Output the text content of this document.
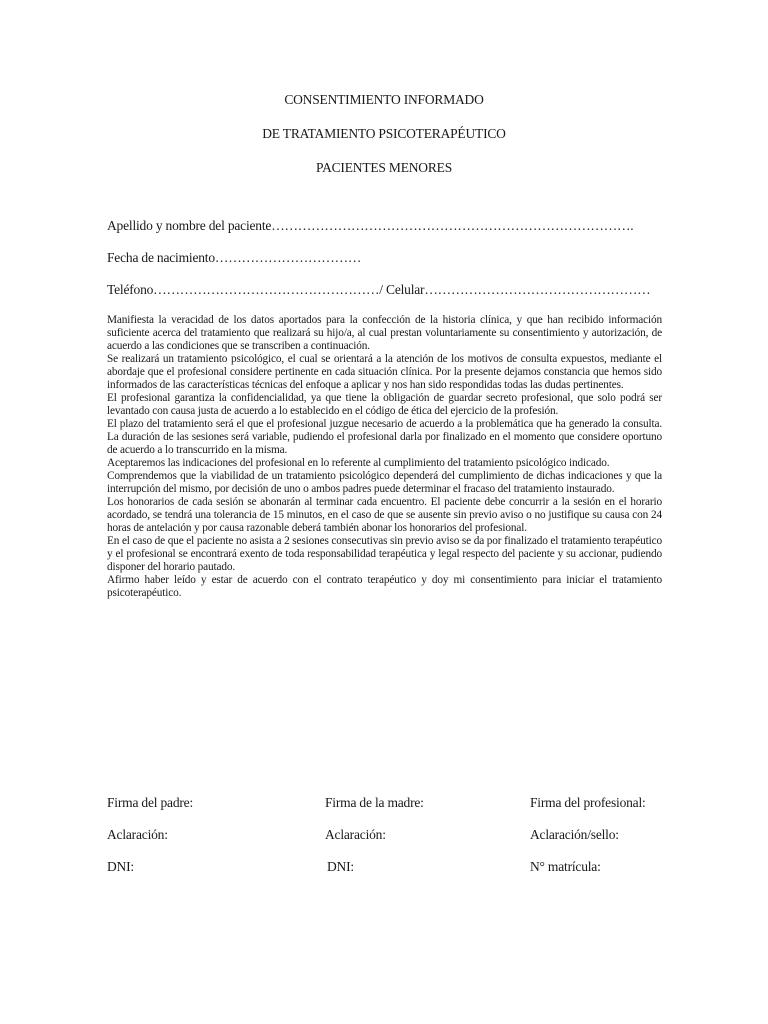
CONSENTIMIENTO INFORMADO
DE TRATAMIENTO PSICOTERAPÉUTICO
PACIENTES MENORES
Apellido y nombre del paciente……………………………………………………………………….
Fecha de nacimiento……………………………
Teléfono……………………………………………/ Celular……………………………………………

Manifiesta la veracidad de los datos aportados para la confección de la historia clínica, y que han recibido información suficiente acerca del tratamiento que realizará su hijo/a, al cual prestan voluntariamente su consentimiento y autorización, de acuerdo a las condiciones que se transcriben a continuación.

Se realizará un tratamiento psicológico, el cual se orientará a la atención de los motivos de consulta expuestos, mediante el abordaje que el profesional considere pertinente en cada situación clínica. Por la presente dejamos constancia que hemos sido informados de las características técnicas del enfoque a aplicar y nos han sido respondidas todas las dudas pertinentes.

El profesional garantiza la confidencialidad, ya que tiene la obligación de guardar secreto profesional, que solo podrá ser levantado con causa justa de acuerdo a lo establecido en el código de ética del ejercicio de la profesión.

El plazo del tratamiento será el que el profesional juzgue necesario de acuerdo a la problemática que ha generado la consulta. La duración de las sesiones será variable, pudiendo el profesional darla por finalizado en el momento que considere oportuno de acuerdo a lo transcurrido en la misma.

Aceptaremos las indicaciones del profesional en lo referente al cumplimiento del tratamiento psicológico indicado.

Comprendemos que la viabilidad de un tratamiento psicológico dependerá del cumplimiento de dichas indicaciones y que la interrupción del mismo, por decisión de uno o ambos padres puede determinar el fracaso del tratamiento instaurado.

Los honorarios de cada sesión se abonarán al terminar cada encuentro. El paciente debe concurrir a la sesión en el horario acordado, se tendrá una tolerancia de 15 minutos, en el caso de que se ausente sin previo aviso o no justifique su causa con 24 horas de antelación y por causa razonable deberá también abonar los honorarios del profesional.

En el caso de que el paciente no asista a 2 sesiones consecutivas sin previo aviso se da por finalizado el tratamiento terapéutico y el profesional se encontrará exento de toda responsabilidad terapéutica y legal respecto del paciente y su accionar, pudiendo disponer del horario pautado.

Afirmo haber leído y estar de acuerdo con el contrato terapéutico y doy mi consentimiento para iniciar el tratamiento psicoterapéutico.

Firma del padre:	Firma de la madre:	Firma del profesional:
Aclaración:	Aclaración:	Aclaración/sello:
DNI:	DNI:	N° matrícula:
